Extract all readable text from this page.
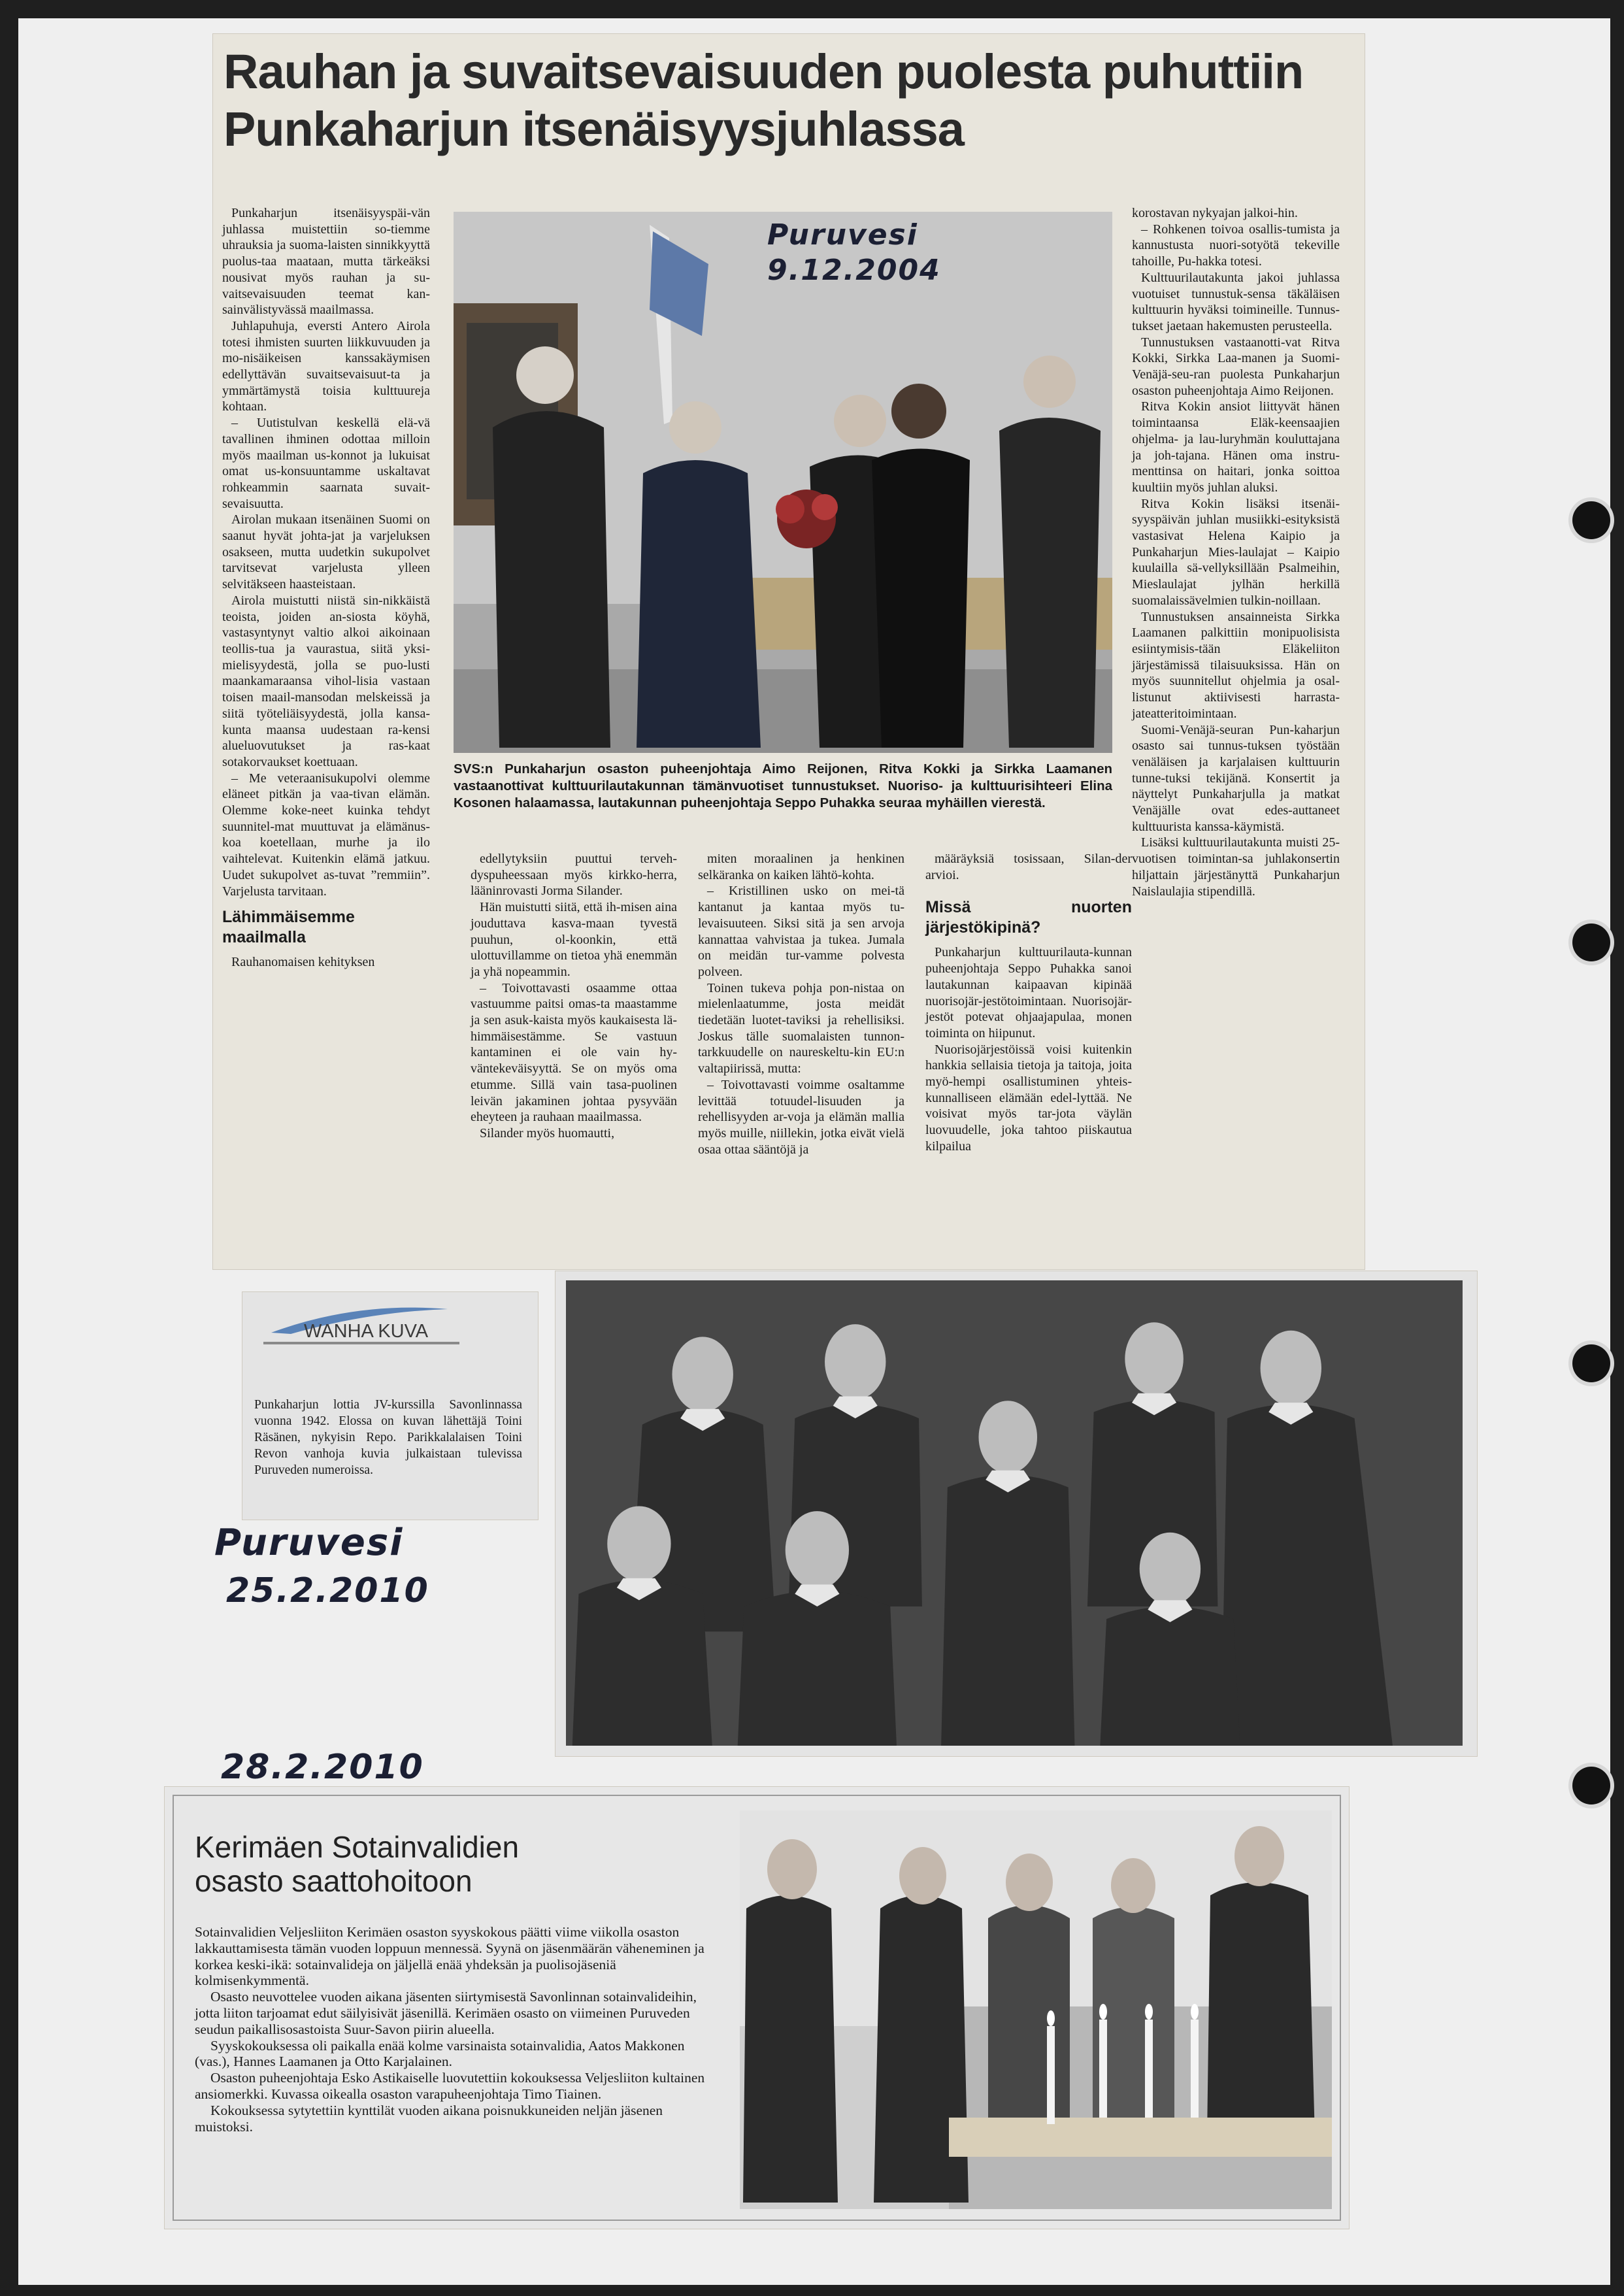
Rauhan ja suvaitsevaisuuden puolesta puhuttiin Punkaharjun itsenäisyysjuhlassa

Punkaharjun itsenäisyyspäi-vän juhlassa muistettiin so-tiemme uhrauksia ja suoma-laisten sinnikkyyttä puolus-taa maataan, mutta tärkeäksi nousivat myös rauhan ja su-vaitsevaisuuden teemat kan-sainvälistyvässä maailmassa.

Juhlapuhuja, eversti Antero Airola totesi ihmisten suurten liikkuvuuden ja mo-nisäikeisen kanssakäymisen edellyttävän suvaitsevaisuut-ta ja ymmärtämystä toisia kulttuureja kohtaan.

– Uutistulvan keskellä elä-vä tavallinen ihminen odottaa milloin myös maailman us-konnot ja lukuisat omat us-konsuuntamme uskaltavat rohkeammin saarnata suvait-sevaisuutta.

Airolan mukaan itsenäinen Suomi on saanut hyvät johta-jat ja varjeluksen osakseen, mutta uudetkin sukupolvet tarvitsevat varjelusta ylleen selvitäkseen haasteistaan.

Airola muistutti niistä sin-nikkäistä teoista, joiden an-siosta köyhä, vastasyntynyt valtio alkoi aikoinaan teollis-tua ja vaurastua, siitä yksi-mielisyydestä, jolla se puo-lusti maankamaraansa vihol-lisia vastaan toisen maail-mansodan melskeissä ja siitä työteliäisyydestä, jolla kansa-kunta maansa uudestaan ra-kensi alueluovutukset ja ras-kaat sotakorvaukset koettuaan.

– Me veteraanisukupolvi olemme eläneet pitkän ja vaa-tivan elämän. Olemme koke-neet kuinka tehdyt suunnitel-mat muuttuvat ja elämänus-koa koetellaan, murhe ja ilo vaihtelevat. Kuitenkin elämä jatkuu. Uudet sukupolvet as-tuvat ”remmiin”. Varjelusta tarvitaan.

Lähimmäisemme maailmalla

Rauhanomaisen kehityksen

Puruvesi
9.12.2004
SVS:n Punkaharjun osaston puheenjohtaja Aimo Reijonen, Ritva Kokki ja Sirkka Laamanen vastaanottivat kulttuurilautakunnan tämänvuotiset tunnustukset. Nuoriso- ja kulttuurisihteeri Elina Kosonen halaamassa, lautakunnan puheenjohtaja Seppo Puhakka seuraa myhäillen vierestä.

edellytyksiin puuttui terveh-dyspuheessaan myös kirkko-herra, lääninrovasti Jorma Silander.

Hän muistutti siitä, että ih-misen aina jouduttava kasva-maan tyvestä puuhun, ol-koonkin, että ulottuvillamme on tietoa yhä enemmän ja yhä nopeammin.

– Toivottavasti osaamme ottaa vastuumme paitsi omas-ta maastamme ja sen asuk-kaista myös kaukaisesta lä-himmäisestämme. Se vastuun kantaminen ei ole vain hy-väntekeväisyyttä. Se on myös oma etumme. Sillä vain tasa-puolinen leivän jakaminen johtaa pysyvään eheyteen ja rauhaan maailmassa.

Silander myös huomautti,

miten moraalinen ja henkinen selkäranka on kaiken lähtö-kohta.

– Kristillinen usko on mei-tä kantanut ja kantaa myös tu-levaisuuteen. Siksi sitä ja sen arvoja kannattaa vahvistaa ja tukea. Jumala on meidän tur-vamme polvesta polveen.

Toinen tukeva pohja pon-nistaa on mielenlaatumme, josta meidät tiedetään luotet-taviksi ja rehellisiksi. Joskus tälle suomalaisten tunnon-tarkkuudelle on naureskeltu-kin EU:n valtapiirissä, mutta:

– Toivottavasti voimme osaltamme levittää totuudel-lisuuden ja rehellisyyden ar-voja ja elämän mallia myös muille, niillekin, jotka eivät vielä osaa ottaa sääntöjä ja

määräyksiä tosissaan, Silan-der arvioi.

Missä nuorten järjestökipinä?

Punkaharjun kulttuurilauta-kunnan puheenjohtaja Seppo Puhakka sanoi lautakunnan kaipaavan kipinää nuorisojär-jestötoimintaan. Nuorisojär-jestöt potevat ohjaajapulaa, monen toiminta on hiipunut.

Nuorisojärjestöissä voisi kuitenkin hankkia sellaisia tietoja ja taitoja, joita myö-hempi osallistuminen yhteis-kunnalliseen elämään edel-lyttää. Ne voisivat myös tar-jota väylän luovuudelle, joka tahtoo piiskautua kilpailua

korostavan nykyajan jalkoi-hin.

– Rohkenen toivoa osallis-tumista ja kannustusta nuori-sotyötä tekeville tahoille, Pu-hakka totesi.

Kulttuurilautakunta jakoi juhlassa vuotuiset tunnustuk-sensa täkäläisen kulttuurin hyväksi toimineille. Tunnus-tukset jaetaan hakemusten perusteella.

Tunnustuksen vastaanotti-vat Ritva Kokki, Sirkka Laa-manen ja Suomi-Venäjä-seu-ran puolesta Punkaharjun osaston puheenjohtaja Aimo Reijonen.

Ritva Kokin ansiot liittyvät hänen toimintaansa Eläk-keensaajien ohjelma- ja lau-luryhmän kouluttajana ja joh-tajana. Hänen oma instru-menttinsa on haitari, jonka soittoa kuultiin myös juhlan aluksi.

Ritva Kokin lisäksi itsenäi-syyspäivän juhlan musiikki-esityksistä vastasivat Helena Kaipio ja Punkaharjun Mies-laulajat – Kaipio kuulailla sä-vellyksillään Psalmeihin, Mieslaulajat jylhän herkillä suomalaissävelmien tulkin-noillaan.

Tunnustuksen ansainneista Sirkka Laamanen palkittiin monipuolisista esiintymisis-tään Eläkeliiton järjestämissä tilaisuuksissa. Hän on myös suunnitellut ohjelmia ja osal-listunut aktiivisesti harrasta-jateatteritoimintaan.

Suomi-Venäjä-seuran Pun-kaharjun osasto sai tunnus-tuksen työstään venäläisen ja karjalaisen kulttuurin tunne-tuksi tekijänä. Konsertit ja näyttelyt Punkaharjulla ja matkat Venäjälle ovat edes-auttaneet kulttuurista kanssa-käymistä.

Lisäksi kulttuurilautakunta muisti 25-vuotisen toimintan-sa juhlakonsertin hiljattain järjestänyttä Punkaharjun Naislaulajia stipendillä.

WANHA KUVA
Punkaharjun lottia JV-kurssilla Savonlinnassa vuonna 1942. Elossa on kuvan lähettäjä Toini Räsänen, nykyisin Repo. Parikkalalaisen Toini Revon vanhoja kuvia julkaistaan tulevissa Puruveden numeroissa.
Puruvesi
25.2.2010
28.2.2010
Kerimäen Sotainvalidien osasto saattohoitoon

Sotainvalidien Veljesliiton Kerimäen osaston syyskokous päätti viime viikolla osaston lakkauttamisesta tämän vuoden loppuun mennessä. Syynä on jäsenmäärän väheneminen ja korkea keski-ikä: sotainvalideja on jäljellä enää yhdeksän ja puolisojäseniä kolmisenkymmentä.

Osasto neuvottelee vuoden aikana jäsenten siirtymisestä Savonlinnan sotainvalideihin, jotta liiton tarjoamat edut säilyisivät jäsenillä. Kerimäen osasto on viimeinen Puruveden seudun paikallisosastoista Suur-Savon piirin alueella.

Syyskokouksessa oli paikalla enää kolme varsinaista sotainvalidia, Aatos Makkonen (vas.), Hannes Laamanen ja Otto Karjalainen.

Osaston puheenjohtaja Esko Astikaiselle luovutettiin kokouksessa Veljesliiton kultainen ansiomerkki. Kuvassa oikealla osaston varapuheenjohtaja Timo Tiainen.

Kokouksessa sytytettiin kynttilät vuoden aikana poisnukkuneiden neljän jäsenen muistoksi.
